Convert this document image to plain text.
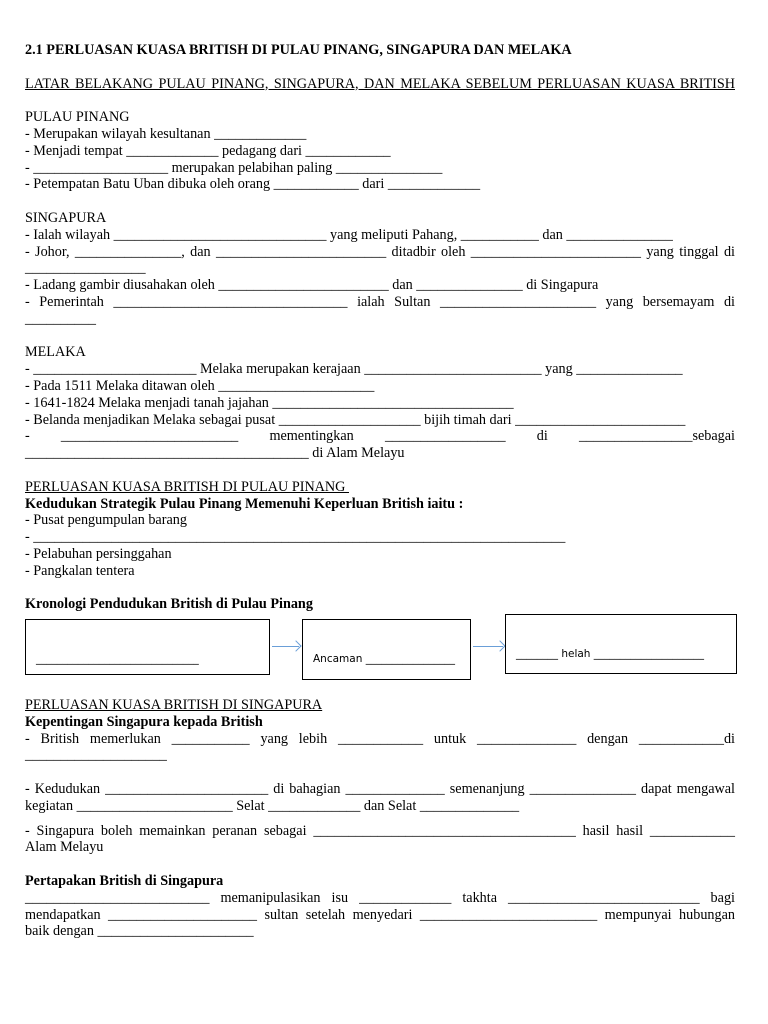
2.1 PERLUASAN KUASA BRITISH DI PULAU PINANG, SINGAPURA DAN MELAKA
LATAR BELAKANG PULAU PINANG, SINGAPURA, DAN MELAKA SEBELUM PERLUASAN KUASA BRITISH
PULAU PINANG
- Merupakan wilayah kesultanan _____________
- Menjadi tempat _____________ pedagang dari ____________
- ___________________ merupakan pelabihan paling _______________
- Petempatan Batu Uban dibuka oleh orang ____________ dari _____________
SINGAPURA
- Ialah wilayah ______________________________ yang meliputi Pahang, ___________ dan _______________
- Johor, _______________, dan ________________________ ditadbir oleh ________________________ yang tinggal di _________________
- Ladang gambir diusahakan oleh ________________________ dan _______________ di Singapura
- Pemerintah _________________________________ ialah Sultan ______________________ yang bersemayam di __________
MELAKA
- _______________________ Melaka merupakan kerajaan _________________________ yang _______________
- Pada 1511 Melaka ditawan oleh ______________________
- 1641-1824 Melaka menjadi tanah jajahan __________________________________
- Belanda menjadikan Melaka sebagai pusat ____________________ bijih timah dari ________________________
- _________________________ mementingkan _________________ di ________________sebagai ________________________________________ di Alam Melayu
PERLUASAN KUASA BRITISH DI PULAU PINANG
Kedudukan Strategik Pulau Pinang Memenuhi Keperluan British iaitu :
- Pusat pengumpulan barang
- ___________________________________________________________________________
- Pelabuhan persinggahan
- Pangkalan tentera
Kronologi Pendudukan British di Pulau Pinang

_______________________________

	Ancaman _________________

	________ helah _____________________

PERLUASAN KUASA BRITISH DI SINGAPURA
Kepentingan Singapura kepada British
- British memerlukan ___________ yang lebih ____________ untuk ______________ dengan ____________di ____________________
- Kedudukan _______________________ di bahagian ______________ semenanjung _______________ dapat mengawal kegiatan ______________________ Selat _____________ dan Selat ______________
- Singapura boleh memainkan peranan sebagai _____________________________________ hasil hasil ____________ Alam Melayu
Pertapakan British di Singapura
__________________________ memanipulasikan isu _____________ takhta ___________________________ bagi mendapatkan _____________________ sultan setelah menyedari _________________________ mempunyai hubungan baik dengan ______________________
